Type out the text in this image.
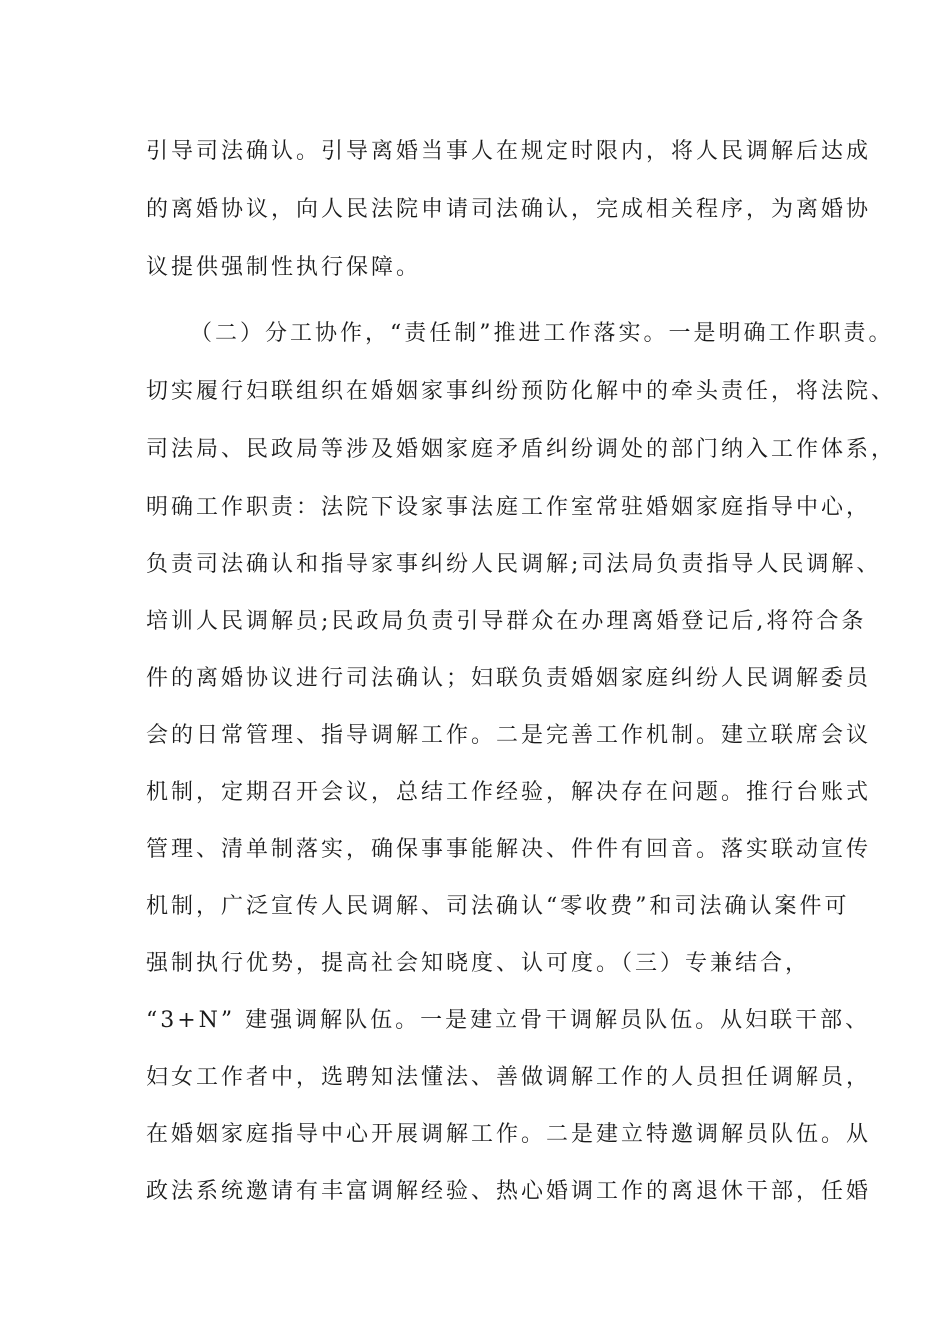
引导司法确认。引导离婚当事人在规定时限内，将人民调解后达成
的离婚协议，向人民法院申请司法确认，完成相关程序，为离婚协
议提供强制性执行保障。
（二）分工协作，“责任制”推进工作落实。一是明确工作职责。
切实履行妇联组织在婚姻家事纠纷预防化解中的牵头责任，将法院、
司法局、民政局等涉及婚姻家庭矛盾纠纷调处的部门纳入工作体系，
明确工作职责：法院下设家事法庭工作室常驻婚姻家庭指导中心，
负责司法确认和指导家事纠纷人民调解;司法局负责指导人民调解、
培训人民调解员;民政局负责引导群众在办理离婚登记后,将符合条
件的离婚协议进行司法确认；妇联负责婚姻家庭纠纷人民调解委员
会的日常管理、指导调解工作。二是完善工作机制。建立联席会议
机制，定期召开会议，总结工作经验，解决存在问题。推行台账式
管理、清单制落实，确保事事能解决、件件有回音。落实联动宣传
机制，广泛宣传人民调解、司法确认“零收费”和司法确认案件可
强制执行优势，提高社会知晓度、认可度。（三）专兼结合，
“3+N” 建强调解队伍。一是建立骨干调解员队伍。从妇联干部、
妇女工作者中，选聘知法懂法、善做调解工作的人员担任调解员，
在婚姻家庭指导中心开展调解工作。二是建立特邀调解员队伍。从
政法系统邀请有丰富调解经验、热心婚调工作的离退休干部，任婚
